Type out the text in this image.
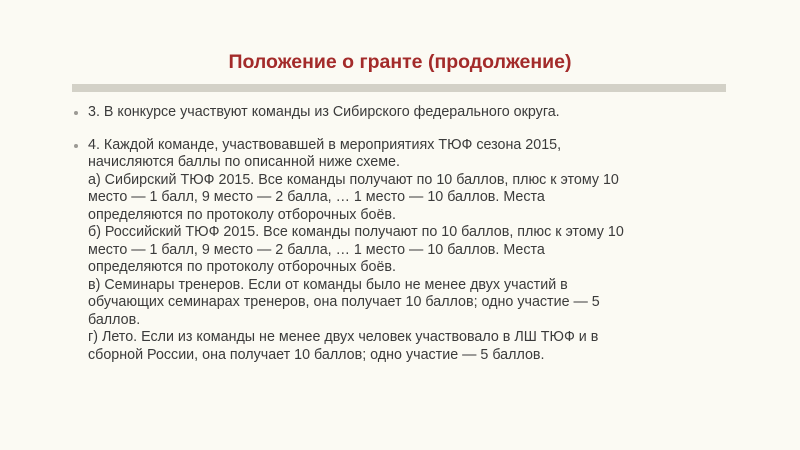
Положение о гранте (продолжение)
3. В конкурсе участвуют команды из Сибирского федерального округа.
4. Каждой команде, участвовавшей в мероприятиях ТЮФ сезона 2015,
начисляются баллы по описанной ниже схеме.
а) Сибирский ТЮФ 2015. Все команды получают по 10 баллов, плюс к этому 10
место — 1 балл, 9 место — 2 балла, … 1 место — 10 баллов. Места
определяются по протоколу отборочных боёв.
б) Российский ТЮФ 2015. Все команды получают по 10 баллов, плюс к этому 10
место — 1 балл, 9 место — 2 балла, … 1 место — 10 баллов. Места
определяются по протоколу отборочных боёв.
в) Семинары тренеров. Если от команды было не менее двух участий в
обучающих семинарах тренеров, она получает 10 баллов; одно участие — 5
баллов.
г) Лето. Если из команды не менее двух человек участвовало в ЛШ ТЮФ и в
сборной России, она получает 10 баллов; одно участие — 5 баллов.
